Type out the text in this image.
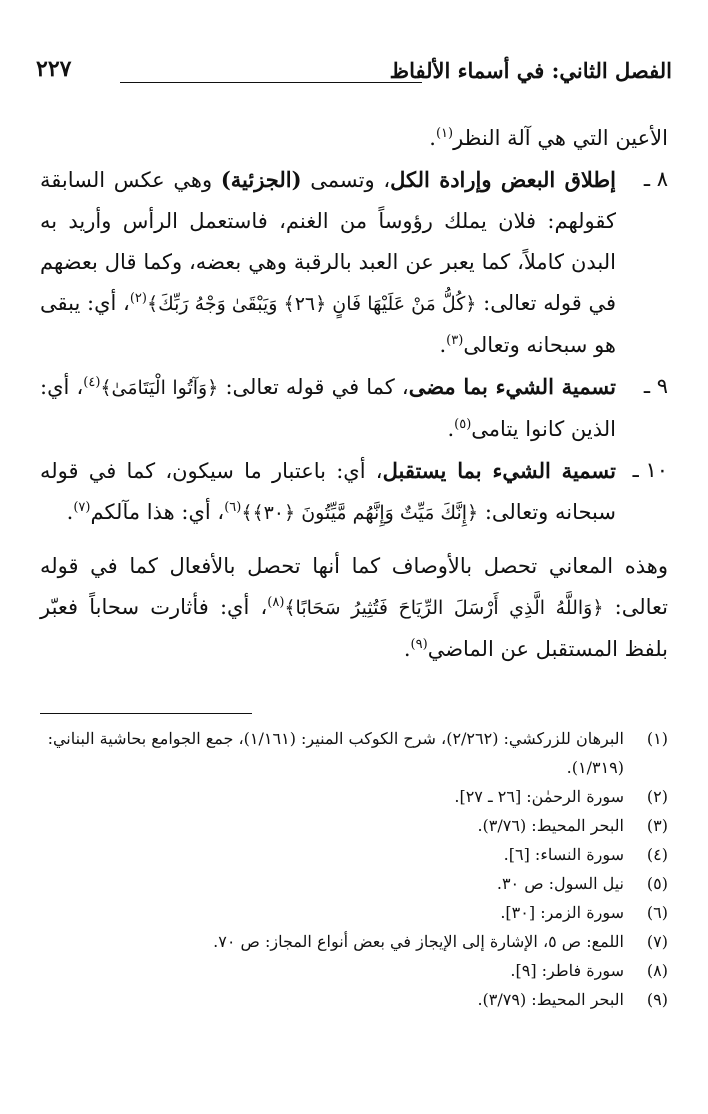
الفصل الثاني: في أسماء الألفاظ
٢٢٧

الأعين التي هي آلة النظر$^{(١)}$.

٨ ـ
إطلاق البعض وإرادة الكل، وتسمى (الجزئية) وهي عكس السابقة كقولهم: فلان يملك رؤوساً من الغنم، فاستعمل الرأس وأريد به البدن كاملاً، كما يعبر عن العبد بالرقبة وهي بعضه، وكما قال بعضهم في قوله تعالى: ﴿كُلُّ مَنْ عَلَيْهَا فَانٍ ﴿٢٦﴾ وَيَبْقَىٰ وَجْهُ رَبِّكَ﴾$^{(٢)}$، أي: يبقى هو سبحانه وتعالى$^{(٣)}$.

٩ ـ
تسمية الشيء بما مضى، كما في قوله تعالى: ﴿وَآتُوا الْيَتَامَىٰ﴾$^{(٤)}$، أي: الذين كانوا يتامى$^{(٥)}$.

١٠ ـ
تسمية الشيء بما يستقبل، أي: باعتبار ما سيكون، كما في قوله سبحانه وتعالى: ﴿إِنَّكَ مَيِّتٌ وَإِنَّهُم مَّيِّتُونَ ﴿٣٠﴾﴾$^{(٦)}$، أي: هذا مآلكم$^{(٧)}$.

وهذه المعاني تحصل بالأوصاف كما أنها تحصل بالأفعال كما في قوله تعالى: ﴿وَاللَّهُ الَّذِي أَرْسَلَ الرِّيَاحَ فَتُثِيرُ سَحَابًا﴾$^{(٨)}$، أي: فأثارت سحاباً فعبّر بلفظ المستقبل عن الماضي$^{(٩)}$.

(١)
البرهان للزركشي: (٢/٢٦٢)، شرح الكوكب المنير: (١/١٦١)، جمع الجوامع بحاشية البناني: (١/٣١٩).
(٢)
سورة الرحمٰن: [٢٦ ـ ٢٧].
(٣)
البحر المحيط: (٣/٧٦).
(٤)
سورة النساء: [٦].
(٥)
نيل السول: ص ٣٠.
(٦)
سورة الزمر: [٣٠].
(٧)
اللمع: ص ٥، الإشارة إلى الإيجاز في بعض أنواع المجاز: ص ٧٠.
(٨)
سورة فاطر: [٩].
(٩)
البحر المحيط: (٣/٧٩).
